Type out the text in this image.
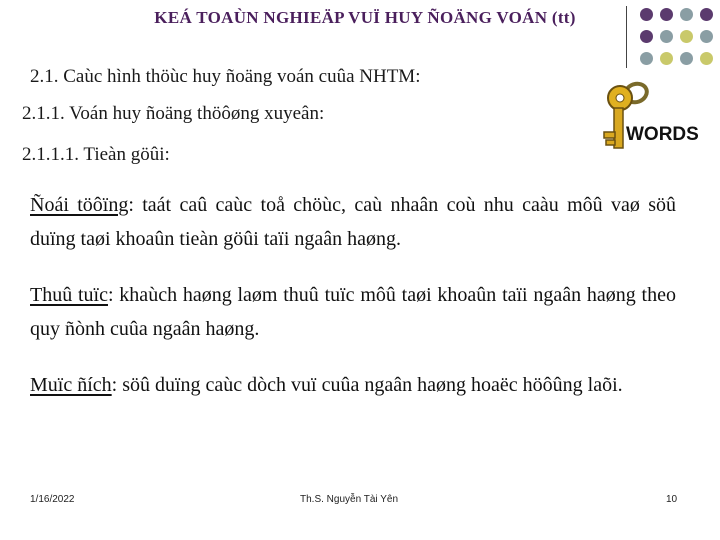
KEÁ TOAÙN NGHIEÄP VUÏ HUY ÑOÄNG VOÁN (tt)
2.1. Caùc hình thöùc huy ñoäng voán cuûa NHTM:
2.1.1. Voán huy ñoäng thöôøng xuyeân:
2.1.1.1. Tieàn göûi:
WORDS
Ñoái töôïng: taát caû caùc toå chöùc, caù nhaân coù nhu caàu môû vaø söû duïng taøi khoaûn tieàn göûi taïi ngaân haøng.
Thuû tuïc: khaùch haøng laøm thuû tuïc môû taøi khoaûn taïi ngaân haøng theo quy ñònh cuûa ngaân haøng.
Muïc ñích: söû duïng caùc dòch vuï cuûa ngaân haøng hoaëc höôûng laõi.
1/16/2022	Th.S. Nguyễn Tài Yên	10
